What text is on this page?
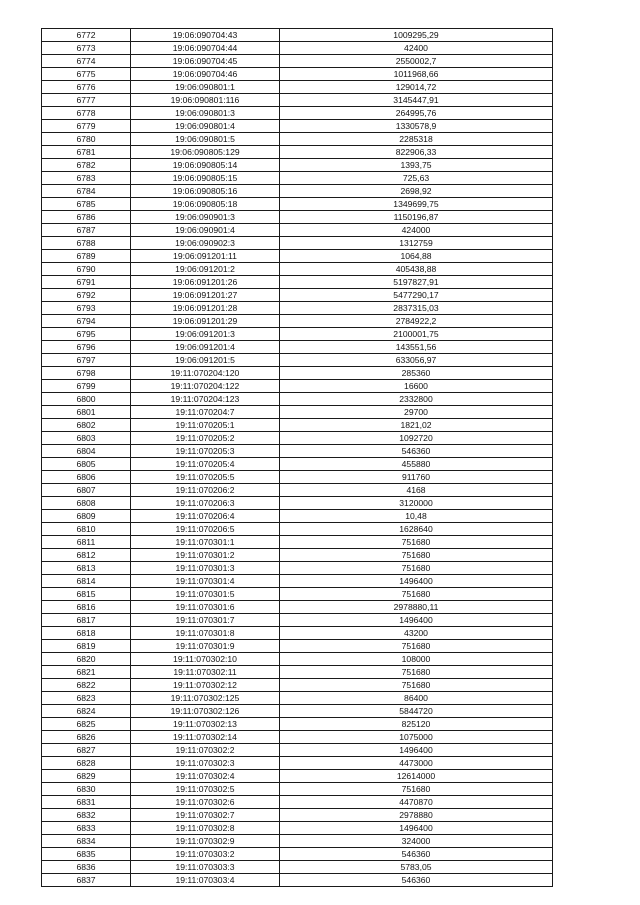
6772	19:06:090704:43	1009295,29
6773	19:06:090704:44	42400
6774	19:06:090704:45	2550002,7
6775	19:06:090704:46	1011968,66
6776	19:06:090801:1	129014,72
6777	19:06:090801:116	3145447,91
6778	19:06:090801:3	264995,76
6779	19:06:090801:4	1330578,9
6780	19:06:090801:5	2285318
6781	19:06:090805:129	822906,33
6782	19:06:090805:14	1393,75
6783	19:06:090805:15	725,63
6784	19:06:090805:16	2698,92
6785	19:06:090805:18	1349699,75
6786	19:06:090901:3	1150196,87
6787	19:06:090901:4	424000
6788	19:06:090902:3	1312759
6789	19:06:091201:11	1064,88
6790	19:06:091201:2	405438,88
6791	19:06:091201:26	5197827,91
6792	19:06:091201:27	5477290,17
6793	19:06:091201:28	2837315,03
6794	19:06:091201:29	2784922,2
6795	19:06:091201:3	2100001,75
6796	19:06:091201:4	143551,56
6797	19:06:091201:5	633056,97
6798	19:11:070204:120	285360
6799	19:11:070204:122	16600
6800	19:11:070204:123	2332800
6801	19:11:070204:7	29700
6802	19:11:070205:1	1821,02
6803	19:11:070205:2	1092720
6804	19:11:070205:3	546360
6805	19:11:070205:4	455880
6806	19:11:070205:5	911760
6807	19:11:070206:2	4168
6808	19:11:070206:3	3120000
6809	19:11:070206:4	10,48
6810	19:11:070206:5	1628640
6811	19:11:070301:1	751680
6812	19:11:070301:2	751680
6813	19:11:070301:3	751680
6814	19:11:070301:4	1496400
6815	19:11:070301:5	751680
6816	19:11:070301:6	2978880,11
6817	19:11:070301:7	1496400
6818	19:11:070301:8	43200
6819	19:11:070301:9	751680
6820	19:11:070302:10	108000
6821	19:11:070302:11	751680
6822	19:11:070302:12	751680
6823	19:11:070302:125	86400
6824	19:11:070302:126	5844720
6825	19:11:070302:13	825120
6826	19:11:070302:14	1075000
6827	19:11:070302:2	1496400
6828	19:11:070302:3	4473000
6829	19:11:070302:4	12614000
6830	19:11:070302:5	751680
6831	19:11:070302:6	4470870
6832	19:11:070302:7	2978880
6833	19:11:070302:8	1496400
6834	19:11:070302:9	324000
6835	19:11:070303:2	546360
6836	19:11:070303:3	5783,05
6837	19:11:070303:4	546360
